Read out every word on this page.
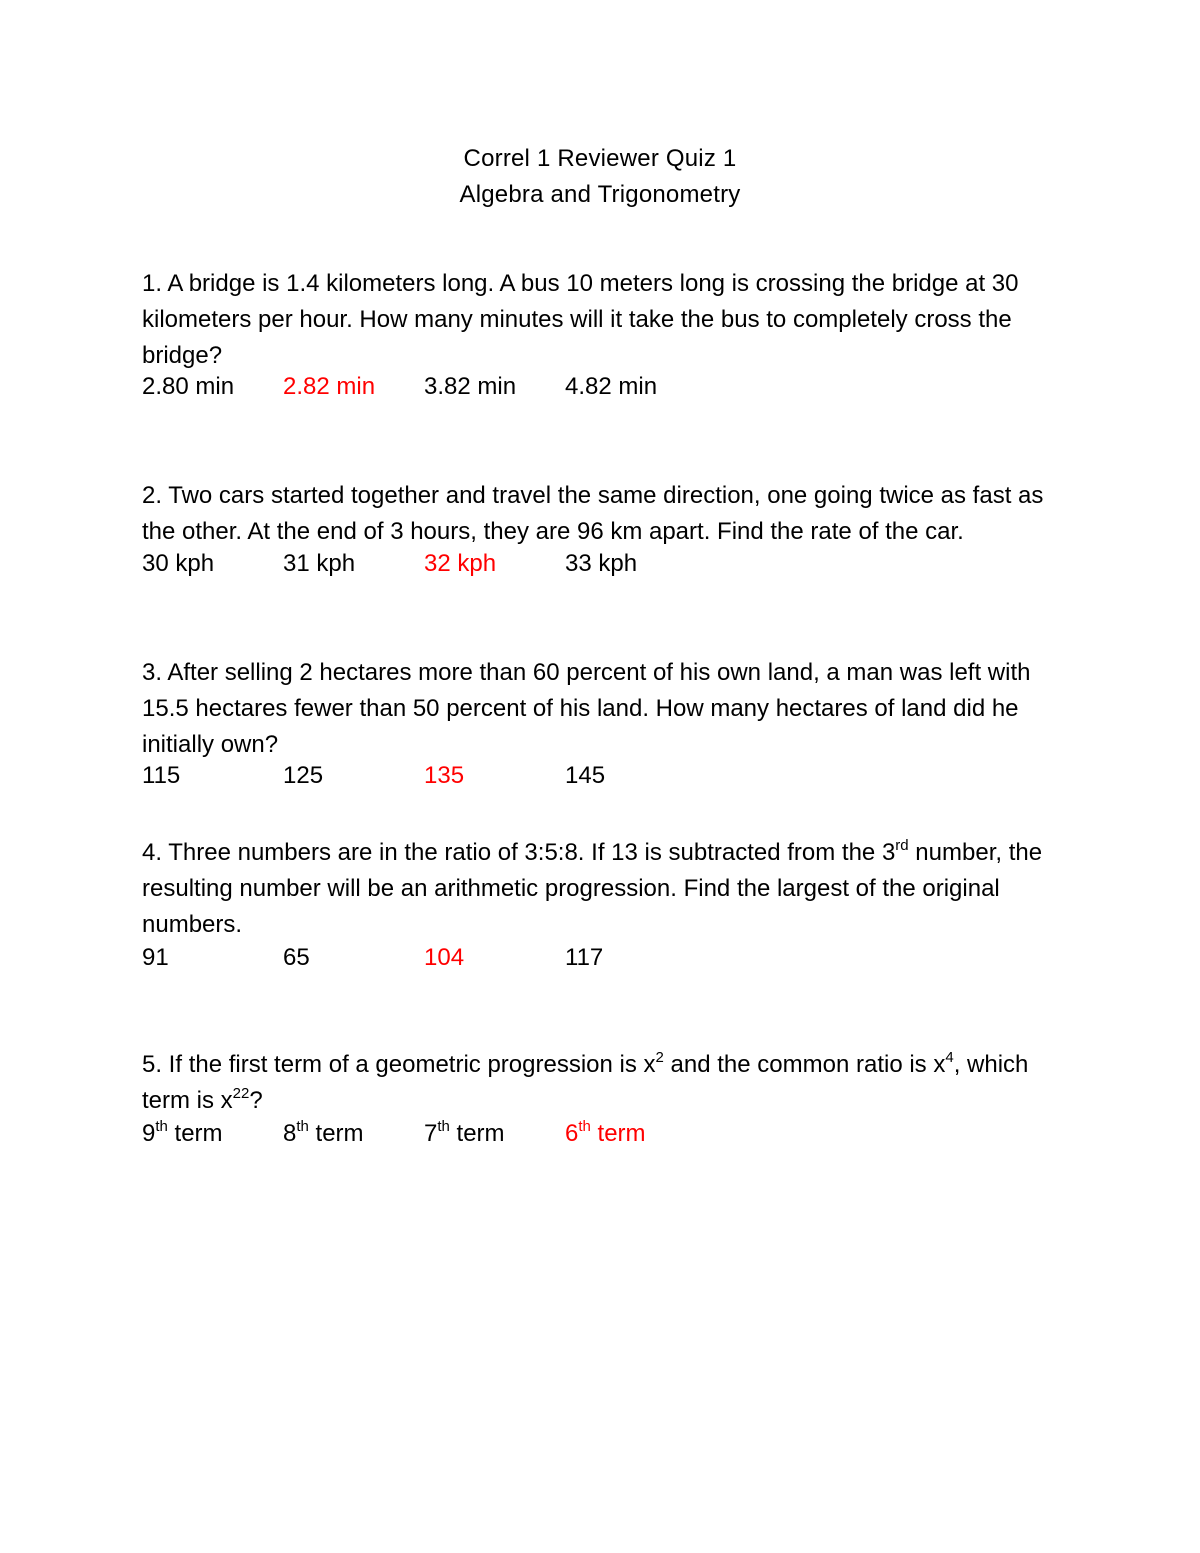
Correl 1 Reviewer Quiz 1
Algebra and Trigonometry
1. A bridge is 1.4 kilometers long. A bus 10 meters long is crossing the bridge at 30 kilometers per hour. How many minutes will it take the bus to completely cross the bridge?
2.80 min 2.82 min 3.82 min 4.82 min
2. Two cars started together and travel the same direction, one going twice as fast as the other. At the end of 3 hours, they are 96 km apart. Find the rate of the car.
30 kph	31 kph	32 kph	33 kph
3. After selling 2 hectares more than 60 percent of his own land, a man was left with 15.5 hectares fewer than 50 percent of his land. How many hectares of land did he initially own?
115	125	135	145
4. Three numbers are in the ratio of 3:5:8. If 13 is subtracted from the 3rd number, the resulting number will be an arithmetic progression. Find the largest of the original numbers.
91	65	104	117
5. If the first term of a geometric progression is $x^2$ and the common ratio is $x^4$, which term is $x^{22}$?
9th term	8th term	7th term	6th term
